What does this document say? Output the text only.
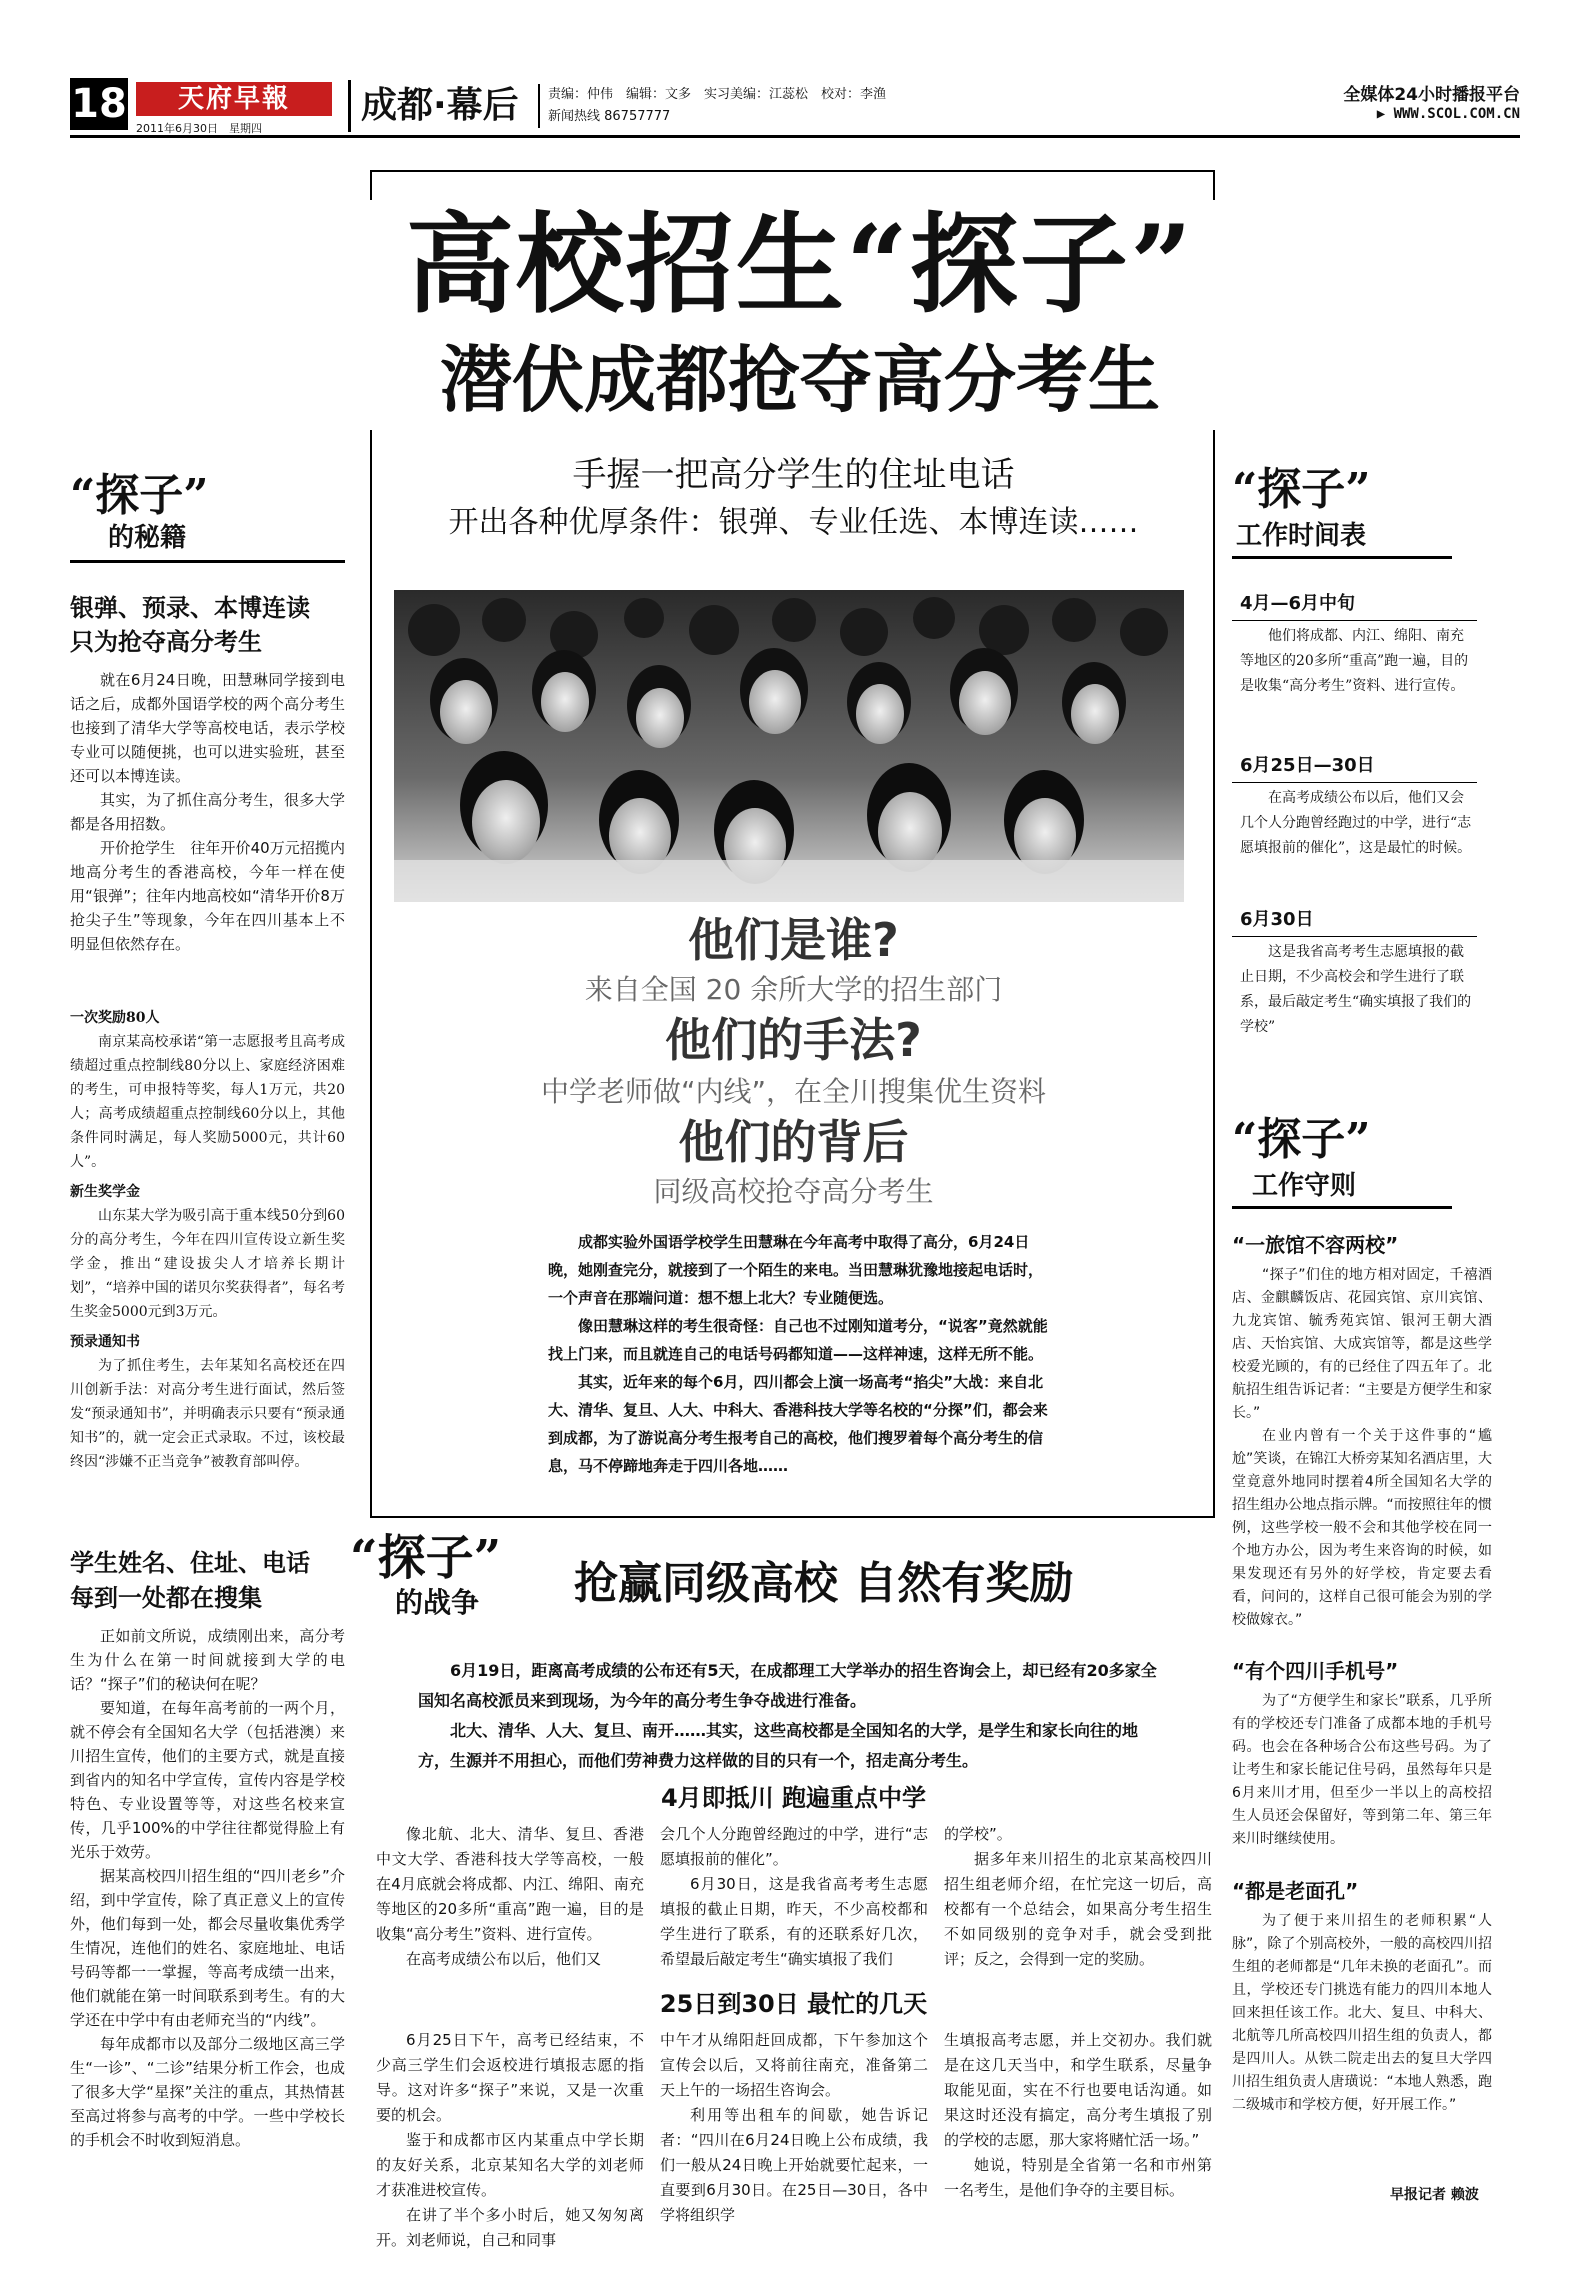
18	天府早報
2011年6月30日　星期四
成都·幕后 责编：仲伟　编辑：文多　实习美编：江蕊松　校对：李渔
新闻热线 86757777
全媒体24小时播报平台
▶ WWW.SCOL.COM.CN
高校招生“探子”
潜伏成都抢夺高分考生
手握一把高分学生的住址电话
开出各种优厚条件：银弹、专业任选、本博连读……
他们是谁?
来自全国 20 余所大学的招生部门
他们的手法?
中学老师做“内线”，在全川搜集优生资料
他们的背后
同级高校抢夺高分考生

成都实验外国语学校学生田慧琳在今年高考中取得了高分，6月24日晚，她刚查完分，就接到了一个陌生的来电。当田慧琳犹豫地接起电话时，一个声音在那端问道：想不想上北大？专业随便选。

像田慧琳这样的考生很奇怪：自己也不过刚知道考分，“说客”竟然就能找上门来，而且就连自己的电话号码都知道——这样神速，这样无所不能。

其实，近年来的每个6月，四川都会上演一场高考“掐尖”大战：来自北大、清华、复旦、人大、中科大、香港科技大学等名校的“分探”们，都会来到成都，为了游说高分考生报考自己的高校，他们搜罗着每个高分考生的信息，马不停蹄地奔走于四川各地……

“探子”
的秘籍
银弹、预录、本博连读
只为抢夺高分考生

就在6月24日晚，田慧琳同学接到电话之后，成都外国语学校的两个高分考生也接到了清华大学等高校电话，表示学校专业可以随便挑，也可以进实验班，甚至还可以本博连读。

其实，为了抓住高分考生，很多大学都是各用招数。

开价抢学生　往年开价40万元招揽内地高分考生的香港高校，今年一样在使用“银弹”；往年内地高校如“清华开价8万抢尖子生”等现象，今年在四川基本上不明显但依然存在。

一次奖励80人

南京某高校承诺“第一志愿报考且高考成绩超过重点控制线80分以上、家庭经济困难的考生，可申报特等奖，每人1万元，共20人；高考成绩超重点控制线60分以上，其他条件同时满足，每人奖励5000元，共计60人”。

新生奖学金

山东某大学为吸引高于重本线50分到60分的高分考生，今年在四川宣传设立新生奖学金，推出“建设拔尖人才培养长期计划”，“培养中国的诺贝尔奖获得者”，每名考生奖金5000元到3万元。

预录通知书

为了抓住考生，去年某知名高校还在四川创新手法：对高分考生进行面试，然后签发“预录通知书”，并明确表示只要有“预录通知书”的，就一定会正式录取。不过，该校最终因“涉嫌不正当竞争”被教育部叫停。

学生姓名、住址、电话
每到一处都在搜集

正如前文所说，成绩刚出来，高分考生为什么在第一时间就接到大学的电话？“探子”们的秘诀何在呢？

要知道，在每年高考前的一两个月，就不停会有全国知名大学（包括港澳）来川招生宣传，他们的主要方式，就是直接到省内的知名中学宣传，宣传内容是学校特色、专业设置等等，对这些名校来宣传，几乎100%的中学往往都觉得脸上有光乐于效劳。

据某高校四川招生组的“四川老乡”介绍，到中学宣传，除了真正意义上的宣传外，他们每到一处，都会尽量收集优秀学生情况，连他们的姓名、家庭地址、电话号码等都一一掌握，等高考成绩一出来，他们就能在第一时间联系到考生。有的大学还在中学中有由老师充当的“内线”。

每年成都市以及部分二级地区高三学生“一诊”、“二诊”结果分析工作会，也成了很多大学“星探”关注的重点，其热情甚至高过将参与高考的中学。一些中学校长的手机会不时收到短消息。

“探子”
工作时间表
4月—6月中旬

他们将成都、内江、绵阳、南充等地区的20多所“重高”跑一遍，目的是收集“高分考生”资料、进行宣传。

6月25日—30日

在高考成绩公布以后，他们又会几个人分跑曾经跑过的中学，进行“志愿填报前的催化”，这是最忙的时候。

6月30日

这是我省高考考生志愿填报的截止日期，不少高校会和学生进行了联系，最后敲定考生“确实填报了我们的学校”

“探子”
工作守则
“一旅馆不容两校”

“探子”们住的地方相对固定，千禧酒店、金麒麟饭店、花园宾馆、京川宾馆、九龙宾馆、毓秀苑宾馆、银河王朝大酒店、天怡宾馆、大成宾馆等，都是这些学校爱光顾的，有的已经住了四五年了。北航招生组告诉记者：“主要是方便学生和家长。”

在业内曾有一个关于这件事的“尴尬”笑谈，在锦江大桥旁某知名酒店里，大堂竟意外地同时摆着4所全国知名大学的招生组办公地点指示牌。“而按照往年的惯例，这些学校一般不会和其他学校在同一个地方办公，因为考生来咨询的时候，如果发现还有另外的好学校，肯定要去看看，问问的，这样自己很可能会为别的学校做嫁衣。”

“有个四川手机号”

为了“方便学生和家长”联系，几乎所有的学校还专门准备了成都本地的手机号码。也会在各种场合公布这些号码。为了让考生和家长能记住号码，虽然每年只是6月来川才用，但至少一半以上的高校招生人员还会保留好，等到第二年、第三年来川时继续使用。

“都是老面孔”

为了便于来川招生的老师积累“人脉”，除了个别高校外，一般的高校四川招生组的老师都是“几年未换的老面孔”。而且，学校还专门挑选有能力的四川本地人回来担任该工作。北大、复旦、中科大、北航等几所高校四川招生组的负责人，都是四川人。从铁二院走出去的复旦大学四川招生组负责人唐璜说：“本地人熟悉，跑二级城市和学校方便，好开展工作。”

早报记者 赖波
“探子”
的战争 抢赢同级高校 自然有奖励

6月19日，距离高考成绩的公布还有5天，在成都理工大学举办的招生咨询会上，却已经有20多家全国知名高校派员来到现场，为今年的高分考生争夺战进行准备。

北大、清华、人大、复旦、南开……其实，这些高校都是全国知名的大学，是学生和家长向往的地方，生源并不用担心，而他们劳神费力这样做的目的只有一个，招走高分考生。

4月即抵川 跑遍重点中学

像北航、北大、清华、复旦、香港中文大学、香港科技大学等高校，一般在4月底就会将成都、内江、绵阳、南充等地区的20多所“重高”跑一遍，目的是收集“高分考生”资料、进行宣传。

在高考成绩公布以后，他们又

会几个人分跑曾经跑过的中学，进行“志愿填报前的催化”。

6月30日，这是我省高考考生志愿填报的截止日期，昨天，不少高校都和学生进行了联系，有的还联系好几次，希望最后敲定考生“确实填报了我们

的学校”。

据多年来川招生的北京某高校四川招生组老师介绍，在忙完这一切后，高校都有一个总结会，如果高分考生招生不如同级别的竞争对手，就会受到批评；反之，会得到一定的奖励。

25日到30日 最忙的几天

6月25日下午，高考已经结束，不少高三学生们会返校进行填报志愿的指导。这对许多“探子”来说，又是一次重要的机会。

鉴于和成都市区内某重点中学长期的友好关系，北京某知名大学的刘老师才获准进校宣传。

在讲了半个多小时后，她又匆匆离开。刘老师说，自己和同事

中午才从绵阳赶回成都，下午参加这个宣传会以后，又将前往南充，准备第二天上午的一场招生咨询会。

利用等出租车的间歇，她告诉记者：“四川在6月24日晚上公布成绩，我们一般从24日晚上开始就要忙起来，一直要到6月30日。在25日—30日，各中学将组织学

生填报高考志愿，并上交初办。我们就是在这几天当中，和学生联系，尽量争取能见面，实在不行也要电话沟通。如果这时还没有搞定，高分考生填报了别的学校的志愿，那大家将赌忙活一场。”

她说，特别是全省第一名和市州第一名考生，是他们争夺的主要目标。
